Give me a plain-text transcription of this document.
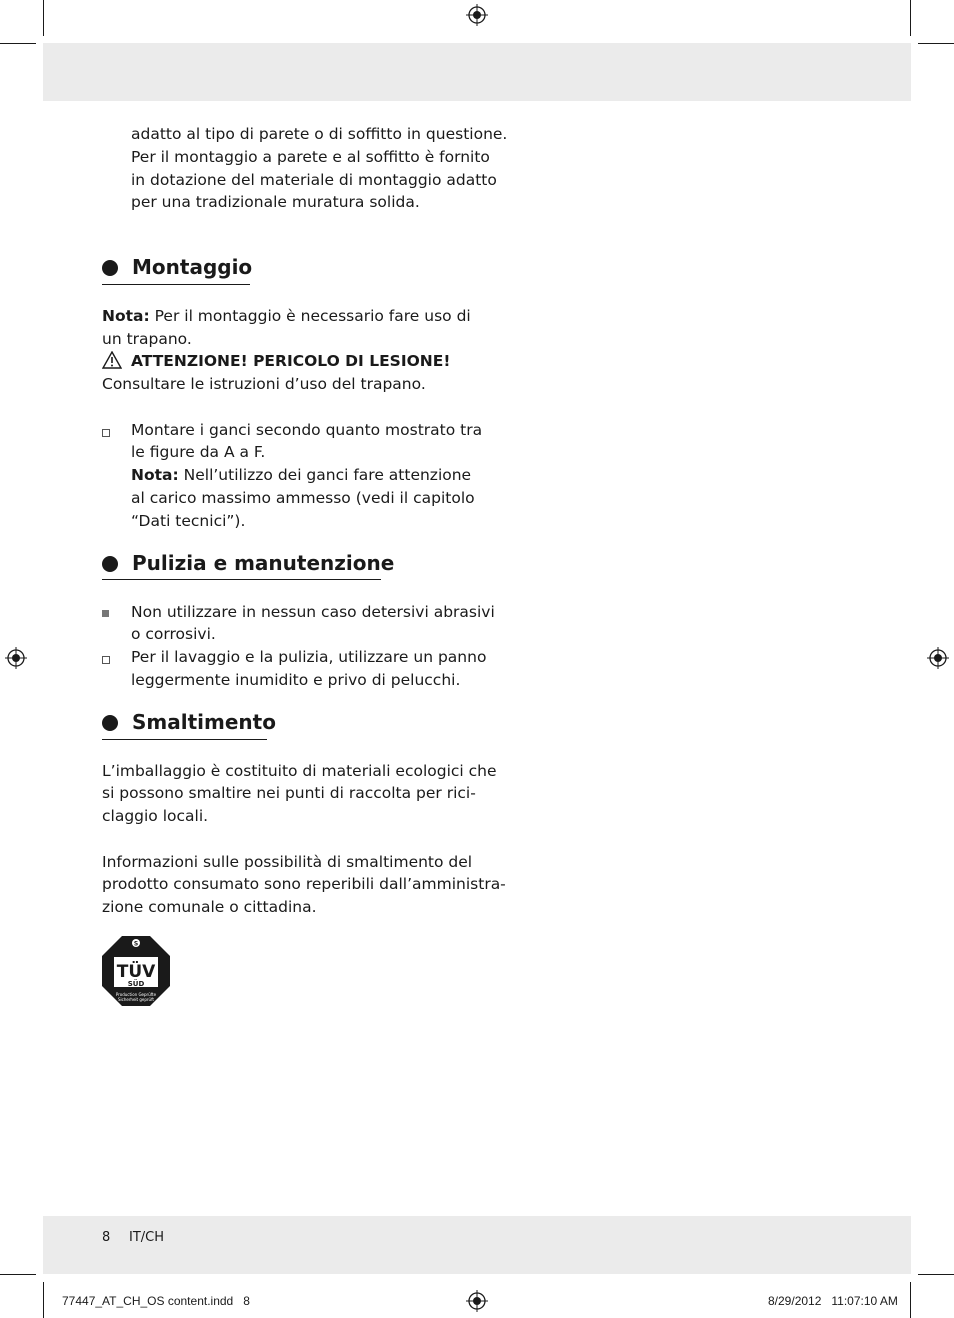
adatto al tipo di parete o di soffitto in questione.
Per il montaggio a parete e al soffitto è fornito
in dotazione del materiale di montaggio adatto
per una tradizionale muratura solida.
Montaggio
Nota: Per il montaggio è necessario fare uso di
un trapano.
ATTENZIONE! PERICOLO DI LESIONE!
Consultare le istruzioni d’uso del trapano.
Montare i ganci secondo quanto mostrato tra
le figure da A a F.
Nota: Nell’utilizzo dei ganci fare attenzione
al carico massimo ammesso (vedi il capitolo
“Dati tecnici”).
Pulizia e manutenzione
Non utilizzare in nessun caso detersivi abrasivi
o corrosivi.
Per il lavaggio e la pulizia, utilizzare un panno
leggermente inumidito e privo di pelucchi.
Smaltimento
L’imballaggio è costituito di materiali ecologici che
si possono smaltire nei punti di raccolta per rici-
claggio locali.
Informazioni sulle possibilità di smaltimento del
prodotto consumato sono reperibili dall’amministra-
zione comunale o cittadina.
S
TÜV
SÜD
Production Geprüfte
Sicherheit geprüft
8 IT/CH
77447_AT_CH_OS content.indd   8	8/29/2012   11:07:10 AM
